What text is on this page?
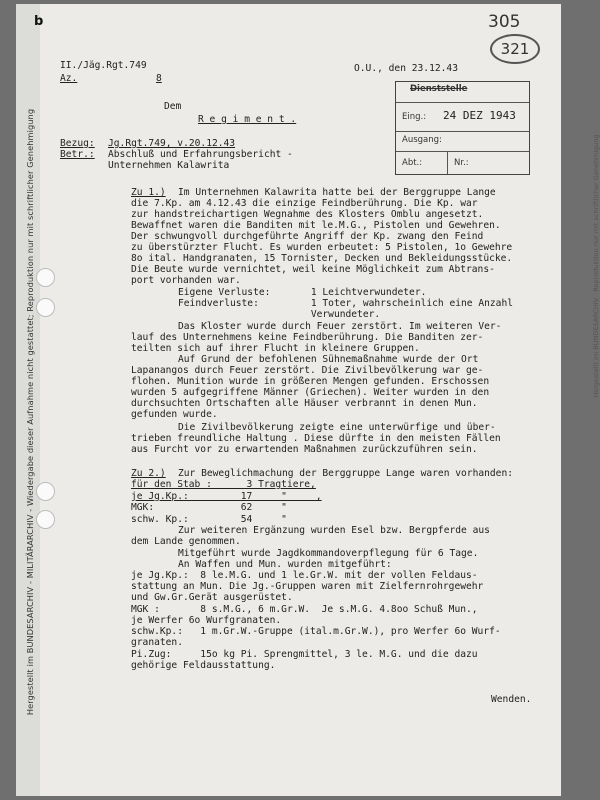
Hergestellt im BUNDESARCHIV - MILITÄRARCHIV - Wiedergabe dieser Aufnahme nicht gestattet; Reproduktion nur mit schriftlicher Genehmigung
b	305
321
II./Jäg.Rgt.749
Az.	8
O.U., den 23.12.43
Dienststelle
Eing.: 24 DEZ 1943
Ausgang:
Abt.:	Nr.:
Dem
R e g i m e n t .
Bezug: Jg.Rgt.749, v.20.12.43
Betr.: Abschluß und Erfahrungsbericht -
Unternehmen Kalawrita
Zu 1.) Im Unternehmen Kalawrita hatte bei der Berggruppe Lange
die 7.Kp. am 4.12.43 die einzige Feindberührung. Die Kp. war
zur handstreichartigen Wegnahme des Klosters Omblu angesetzt.
Bewaffnet waren die Banditen mit le.M.G., Pistolen und Gewehren.
Der schwungvoll durchgeführte Angriff der Kp. zwang den Feind
zu überstürzter Flucht. Es wurden erbeutet: 5 Pistolen, 1o Gewehre
8o ital. Handgranaten, 15 Tornister, Decken und Bekleidungsstücke.
Die Beute wurde vernichtet, weil keine Möglichkeit zum Abtrans-
port vorhanden war.
Eigene Verluste:       1 Leichtverwundeter.
Feindverluste:         1 Toter, wahrscheinlich eine Anzahl
Verwundeter.
Das Kloster wurde durch Feuer zerstört. Im weiteren Ver-
lauf des Unternehmens keine Feindberührung. Die Banditen zer-
teilten sich auf ihrer Flucht in kleinere Gruppen.
Auf Grund der befohlenen Sühnemaßnahme wurde der Ort
Lapanangos durch Feuer zerstört. Die Zivilbevölkerung war ge-
flohen. Munition wurde in größeren Mengen gefunden. Erschossen
wurden 5 aufgegriffene Männer (Griechen). Weiter wurden in den
durchsuchten Ortschaften alle Häuser verbrannt in denen Mun.
gefunden wurde.
Die Zivilbevölkerung zeigte eine unterwürfige und über-
trieben freundliche Haltung . Diese dürfte in den meisten Fällen
aus Furcht vor zu erwartenden Maßnahmen zurückzuführen sein.
Zu 2.) Zur Beweglichmachung der Berggruppe Lange waren vorhanden:
für den Stab :      3 Tragtiere,
je Jg.Kp.:         17     "     ,
MGK:               62     "
schw. Kp.:         54     "
Zur weiteren Ergänzung wurden Esel bzw. Bergpferde aus
dem Lande genommen.
Mitgeführt wurde Jagdkommandoverpflegung für 6 Tage.
An Waffen und Mun. wurden mitgeführt:
je Jg.Kp.:  8 le.M.G. und 1 le.Gr.W. mit der vollen Feldaus-
stattung an Mun. Die Jg.-Gruppen waren mit Zielfernrohrgewehr
und Gw.Gr.Gerät ausgerüstet.
MGK :       8 s.M.G., 6 m.Gr.W.  Je s.M.G. 4.8oo Schuß Mun.,
je Werfer 6o Wurfgranaten.
schw.Kp.:   1 m.Gr.W.-Gruppe (ital.m.Gr.W.), pro Werfer 6o Wurf-
granaten.
Pi.Zug:     15o kg Pi. Sprengmittel, 3 le. M.G. und die dazu
gehörige Feldausstattung.
Wenden.
Hergestellt im BUNDESARCHIV · Reproduktion nur mit schriftlicher Genehmigung
